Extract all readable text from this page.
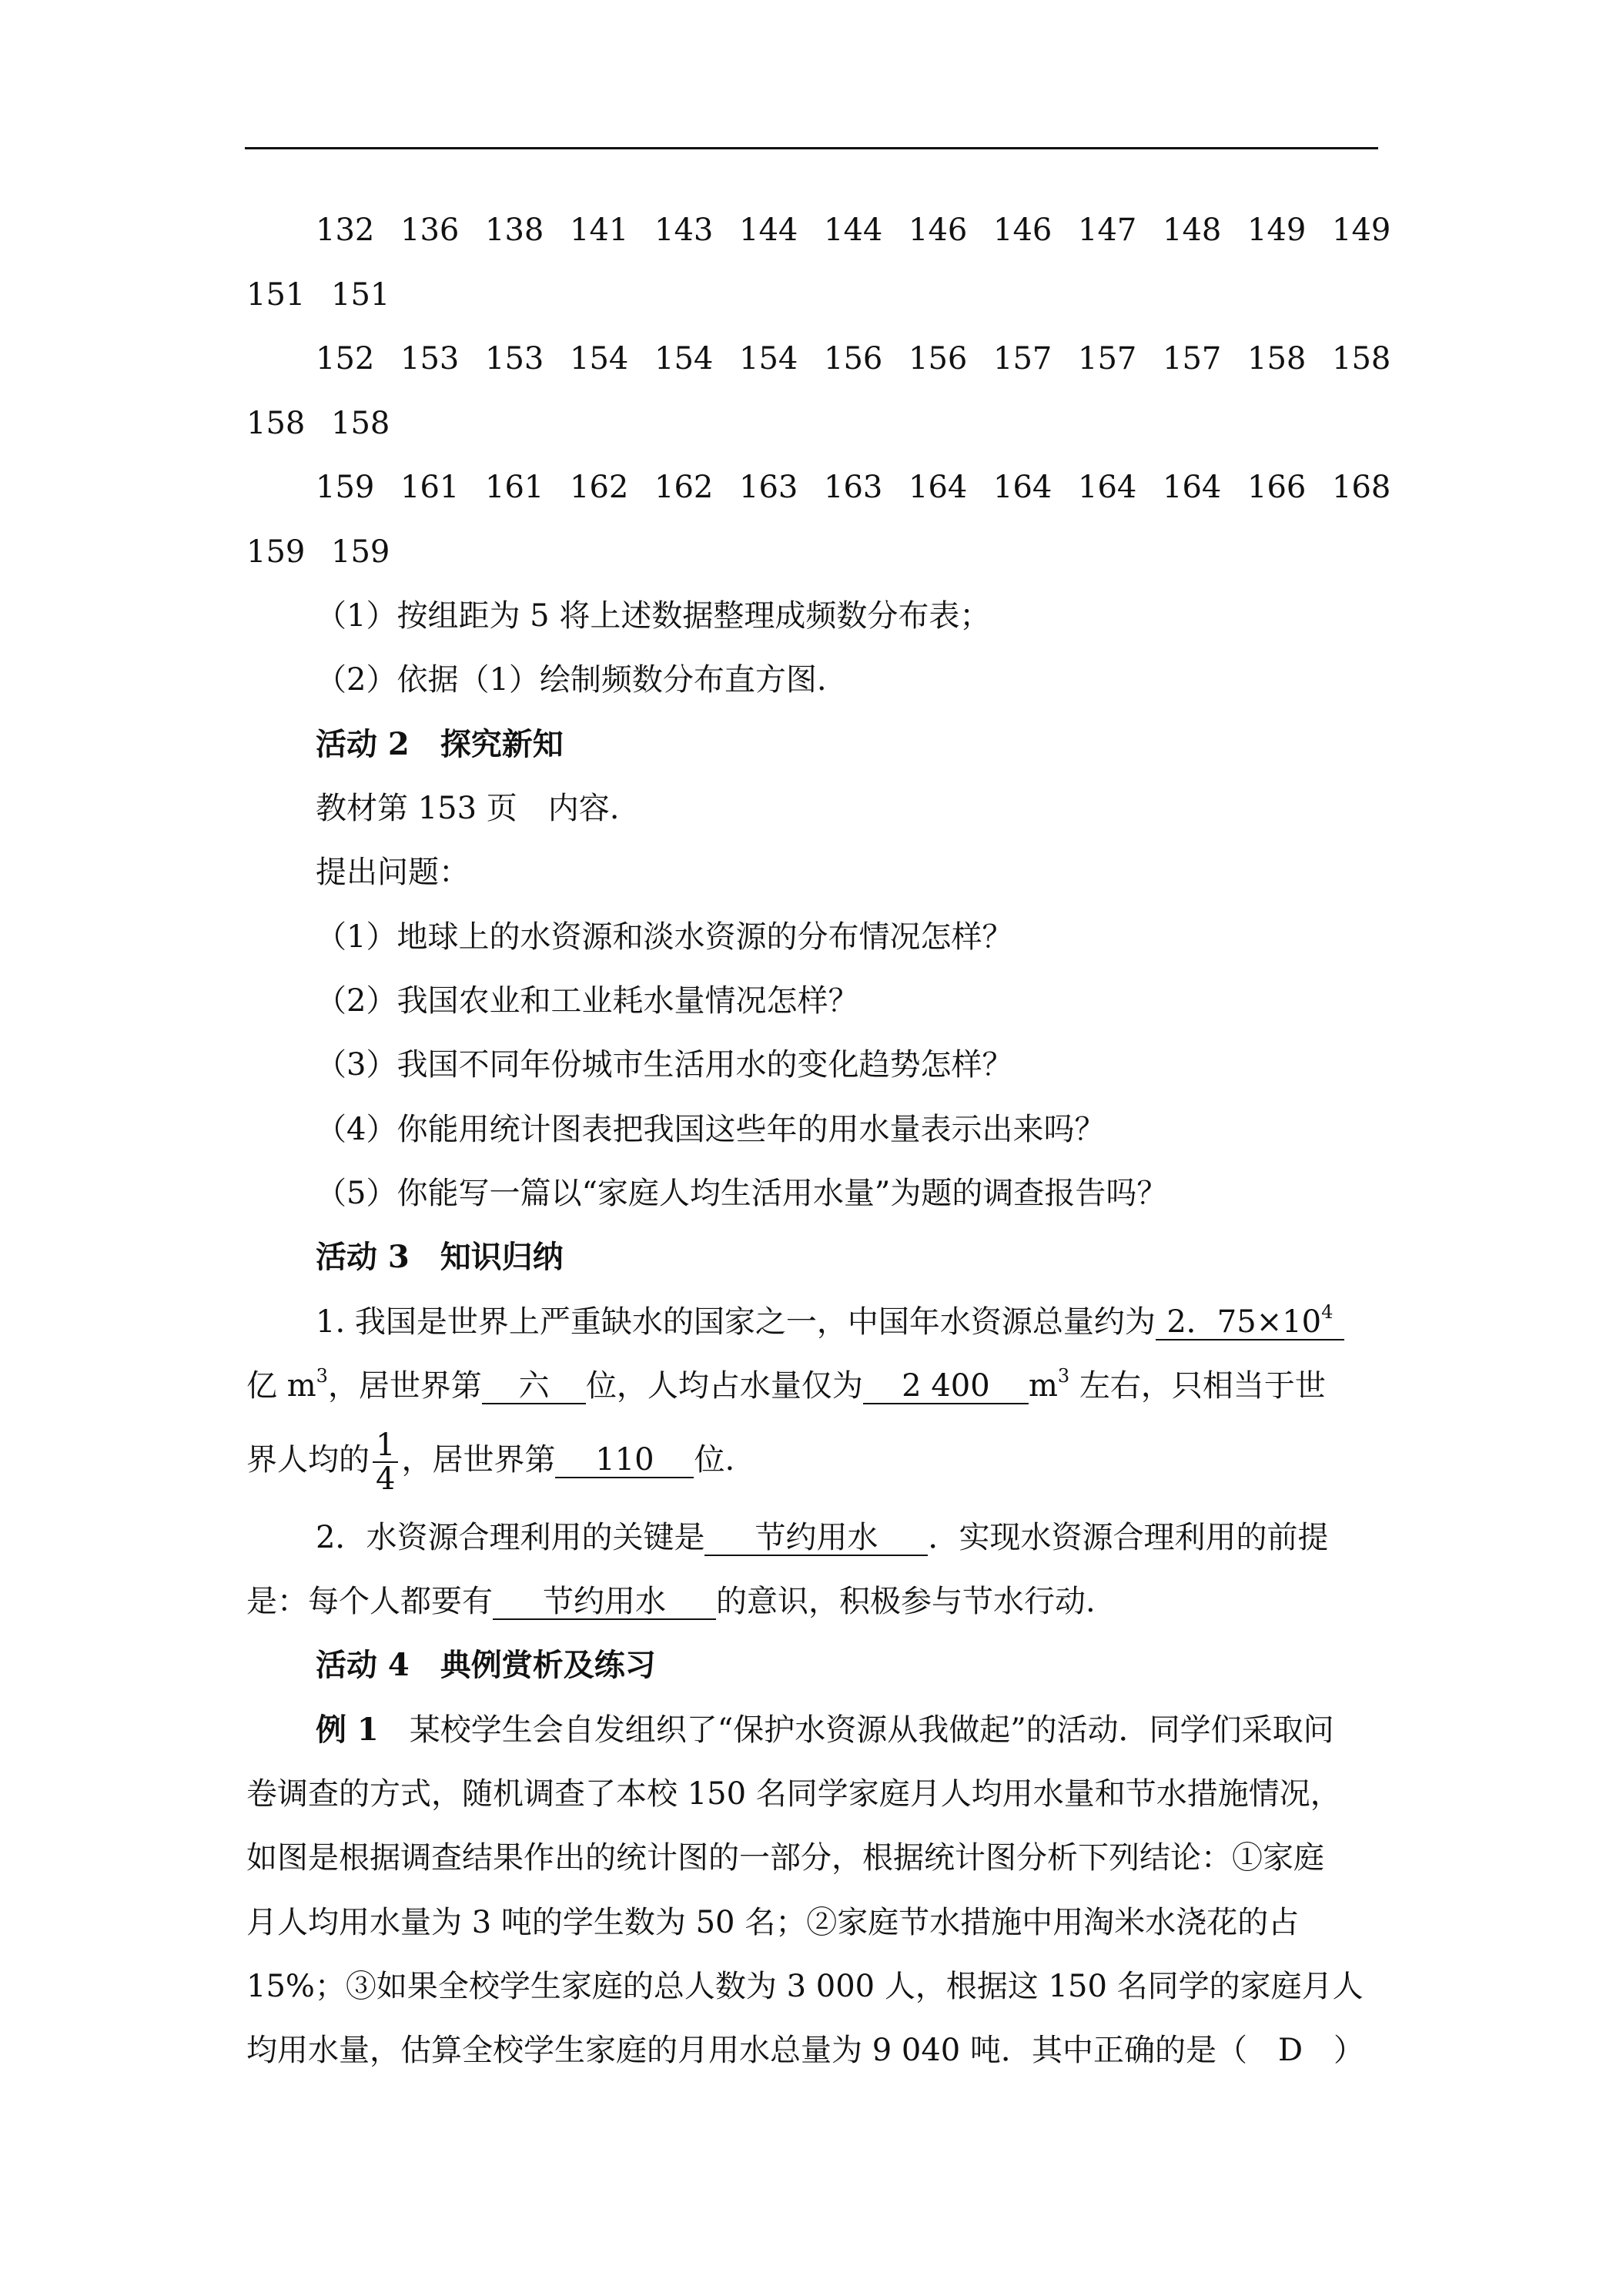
132 136 138 141 143 144 144 146 146 147 148 149 149
151 151
152 153 153 154 154 154 156 156 157 157 157 158 158
158 158
159 161 161 162 162 163 163 164 164 164 164 166 168
159 159
（1）按组距为 5 将上述数据整理成频数分布表；
（2）依据（1）绘制频数分布直方图.
活动 2　探究新知
教材第 153 页　内容.
提出问题：
（1）地球上的水资源和淡水资源的分布情况怎样？
（2）我国农业和工业耗水量情况怎样？
（3）我国不同年份城市生活用水的变化趋势怎样？
（4）你能用统计图表把我国这些年的用水量表示出来吗？
（5）你能写一篇以“家庭人均生活用水量”为题的调查报告吗？
活动 3　知识归纳
1. 我国是世界上严重缺水的国家之一，中国年水资源总量约为 2．$75\times 10^4$
亿 $m^3$，居世界第 六 位，人均占水量仅为 2 400 $m^3$ 左右，只相当于世
界人均的 $\frac{1}{4}$ ，居世界第 110 位.
2．水资源合理利用的关键是 节约用水 ．实现水资源合理利用的前提
是：每个人都要有 节约用水 的意识，积极参与节水行动.
活动 4　典例赏析及练习
例 1　某校学生会自发组织了“保护水资源从我做起”的活动．同学们采取问
卷调查的方式，随机调查了本校 150 名同学家庭月人均用水量和节水措施情况，
如图是根据调查结果作出的统计图的一部分，根据统计图分析下列结论：①家庭
月人均用水量为 3 吨的学生数为 50 名；②家庭节水措施中用淘米水浇花的占
15%；③如果全校学生家庭的总人数为 3 000 人，根据这 150 名同学的家庭月人
均用水量，估算全校学生家庭的月用水总量为 9 040 吨．其中正确的是（　D　）
